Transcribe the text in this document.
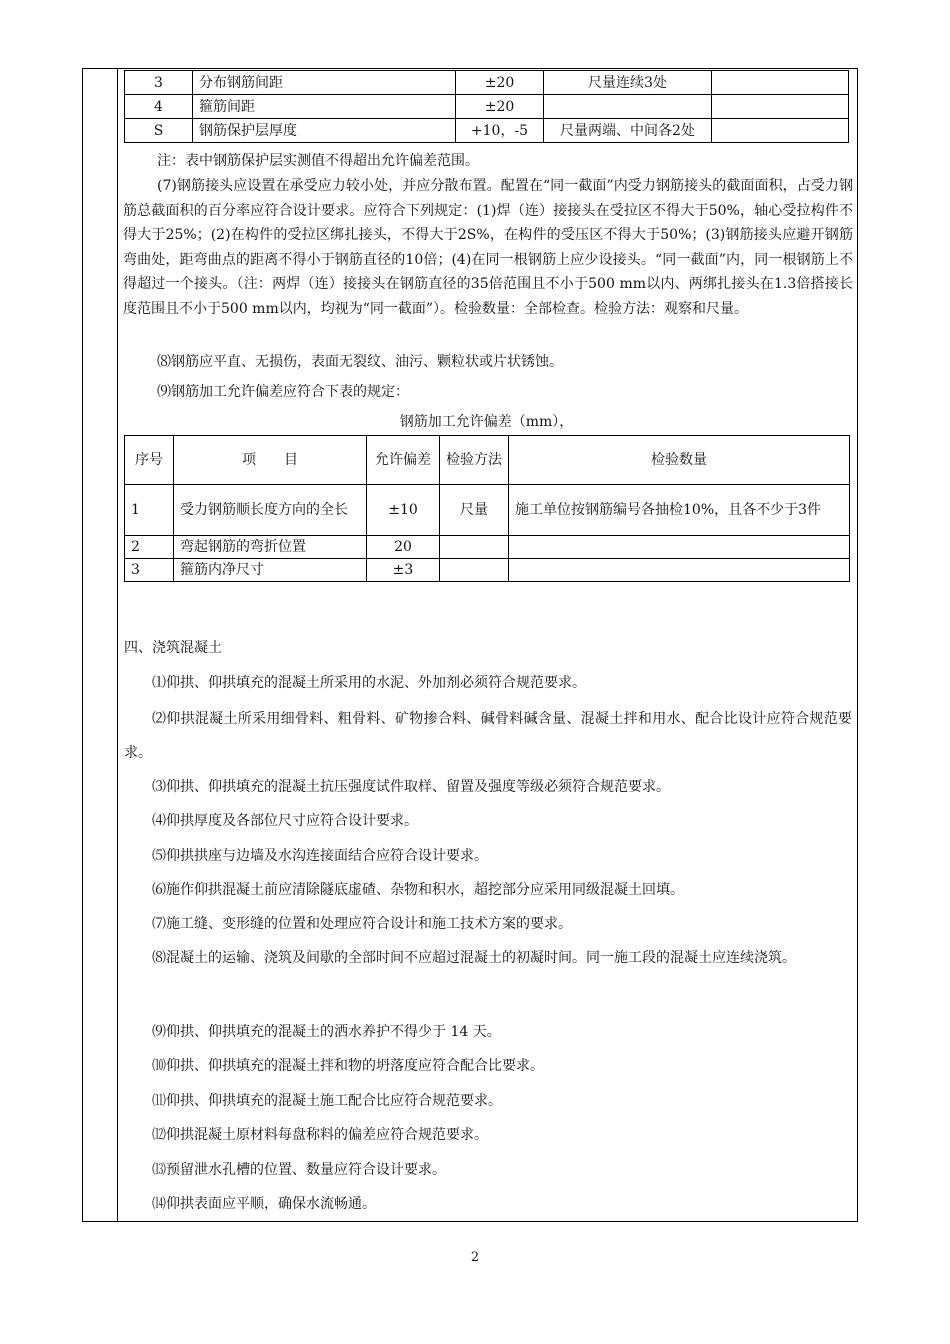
3	分布钢筋间距	±20	尺量连续3处	
4	箍筋间距	±20		
S	钢筋保护层厚度	+10，-5	尺量两端、中间各2处	

注：表中钢筋保护层实测值不得超出允许偏差范围。

(7)钢筋接头应设置在承受应力较小处，并应分散布置。配置在“同一截面”内受力钢筋接头的截面面积，占受力钢筋总截面积的百分率应符合设计要求。应符合下列规定：(1)焊（连）接接头在受拉区不得大于50%，轴心受拉构件不得大于25%；(2)在构件的受拉区绑扎接头，不得大于2S%，在构件的受压区不得大于50%；(3)钢筋接头应避开钢筋弯曲处，距弯曲点的距离不得小于钢筋直径的10倍；(4)在同一根钢筋上应少设接头。“同一截面”内，同一根钢筋上不得超过一个接头。（注：两焊（连）接接头在钢筋直径的35倍范围且不小于500 mm以内、两绑扎接头在1.3倍搭接长度范围且不小于500 mm以内，均视为“同一截面”）。检验数量：全部检查。检验方法：观察和尺量。

⑻钢筋应平直、无损伤，表面无裂纹、油污、颗粒状或片状锈蚀。

⑼钢筋加工允许偏差应符合下表的规定：

钢筋加工允许偏差（mm），
序号	项　　目	允许偏差	检验方法	检验数量
1	受力钢筋顺长度方向的全长	±10	尺量	施工单位按钢筋编号各抽检10%，且各不少于3件
2	弯起钢筋的弯折位置	20		
3	箍筋内净尺寸	±3		

四、浇筑混凝土

⑴仰拱、仰拱填充的混凝土所采用的水泥、外加剂必须符合规范要求。

⑵仰拱混凝土所采用细骨料、粗骨料、矿物掺合料、碱骨料碱含量、混凝土拌和用水、配合比设计应符合规范要求。

⑶仰拱、仰拱填充的混凝土抗压强度试件取样、留置及强度等级必须符合规范要求。

⑷仰拱厚度及各部位尺寸应符合设计要求。

⑸仰拱拱座与边墙及水沟连接面结合应符合设计要求。

⑹施作仰拱混凝土前应清除隧底虚碴、杂物和积水，超挖部分应采用同级混凝土回填。

⑺施工缝、变形缝的位置和处理应符合设计和施工技术方案的要求。

⑻混凝土的运输、浇筑及间歇的全部时间不应超过混凝土的初凝时间。同一施工段的混凝土应连续浇筑。

⑼仰拱、仰拱填充的混凝土的洒水养护不得少于 14 天。

⑽仰拱、仰拱填充的混凝土拌和物的坍落度应符合配合比要求。

⑾仰拱、仰拱填充的混凝土施工配合比应符合规范要求。

⑿仰拱混凝土原材料每盘称料的偏差应符合规范要求。

⒀预留泄水孔槽的位置、数量应符合设计要求。

⒁仰拱表面应平顺，确保水流畅通。

2
